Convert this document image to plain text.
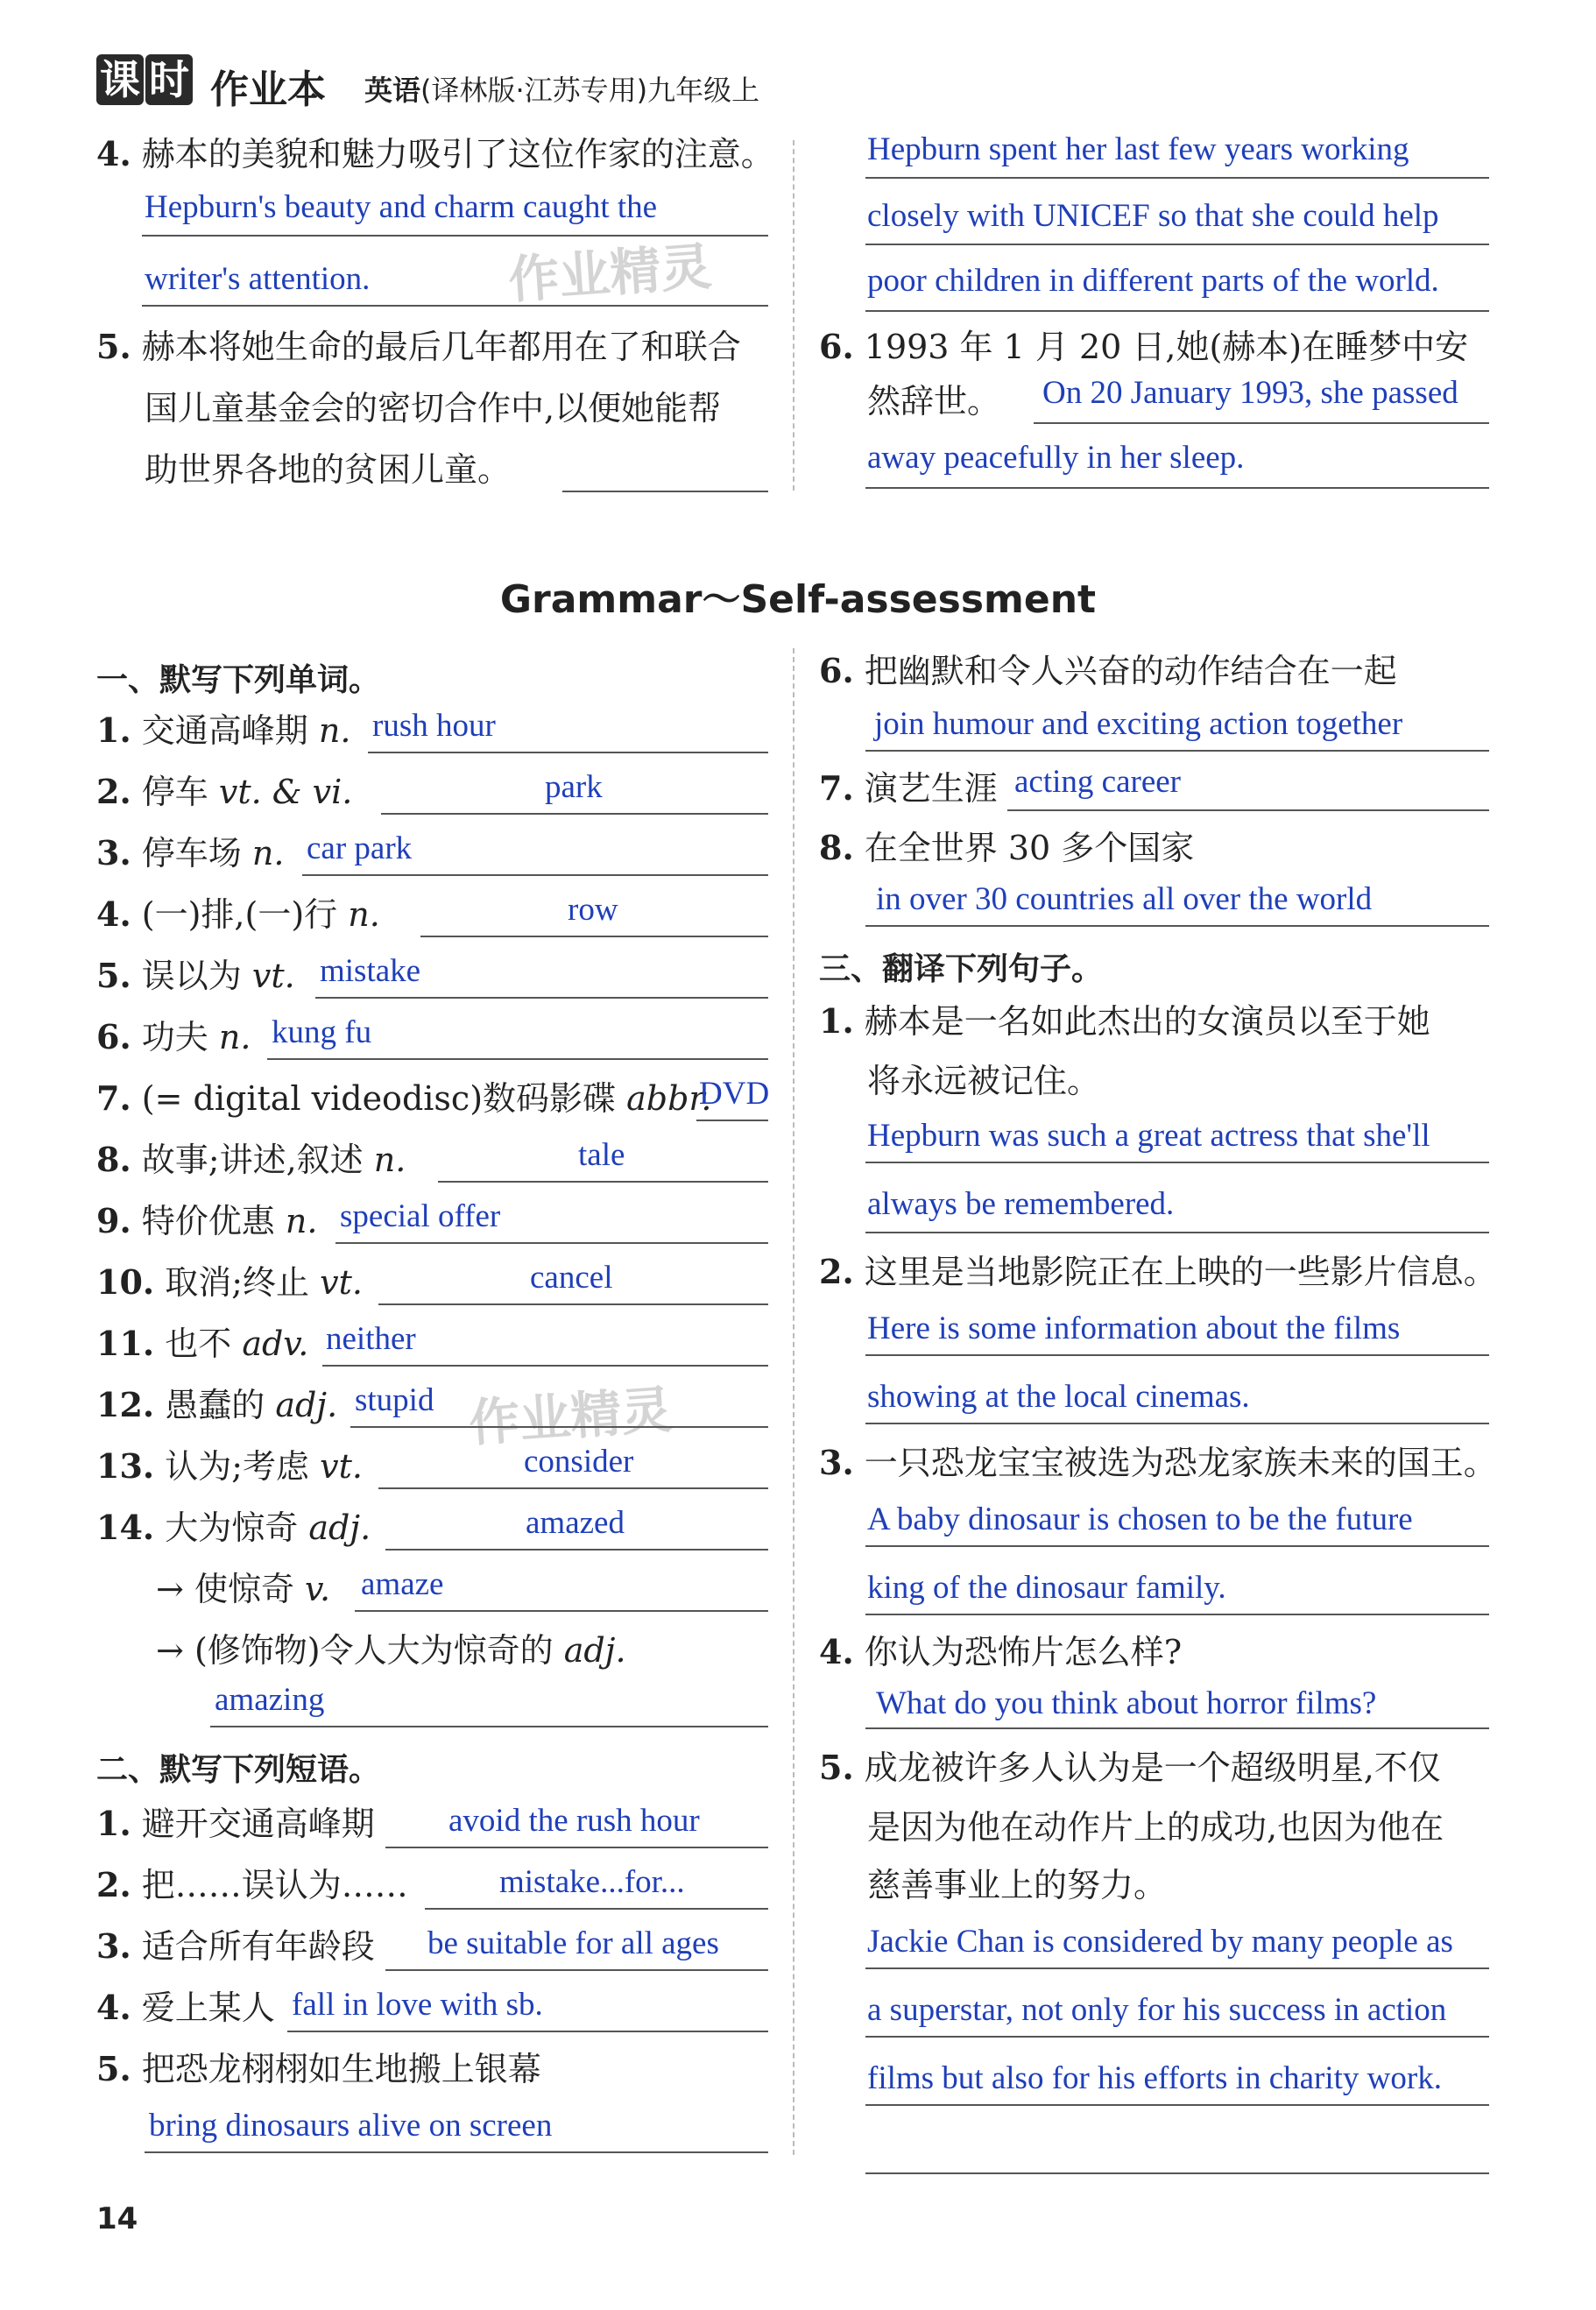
课 时 作业本 英语(译林版·江苏专用)九年级上
4. 赫本的美貌和魅力吸引了这位作家的注意。
Hepburn's beauty and charm caught the
writer's attention.
5. 赫本将她生命的最后几年都用在了和联合
国儿童基金会的密切合作中,以便她能帮
助世界各地的贫困儿童。
Hepburn spent her last few years working
closely with UNICEF so that she could help
poor children in different parts of the world.
6. 1993 年 1 月 20 日,她(赫本)在睡梦中安
然辞世。 On 20 January 1993, she passed
away peacefully in her sleep.
作业精灵
作业精灵
Grammar～Self-assessment
一、默写下列单词。
1. 交通高峰期 n. rush hour
2. 停车 vt. & vi.	park
3. 停车场 n. car park
4. (一)排,(一)行 n.	row
5. 误以为 vt. mistake
6. 功夫 n. kung fu
7. (= digital videodisc)数码影碟 abbr.
DVD
8. 故事;讲述,叙述 n.	tale
9. 特价优惠 n. special offer
10. 取消;终止 vt.	cancel
11. 也不 adv. neither
12. 愚蠢的 adj. stupid
13. 认为;考虑 vt.	consider
14. 大为惊奇 adj.	amazed
→ 使惊奇 v. amaze
→ (修饰物)令人大为惊奇的 adj.
amazing
二、默写下列短语。
1. 避开交通高峰期 avoid the rush hour
2. 把……误认为……	mistake...for...
3. 适合所有年龄段 be suitable for all ages
4. 爱上某人 fall in love with sb.
5. 把恐龙栩栩如生地搬上银幕
bring dinosaurs alive on screen
6. 把幽默和令人兴奋的动作结合在一起
join humour and exciting action together
7. 演艺生涯 acting career
8. 在全世界 30 多个国家
in over 30 countries all over the world
三、翻译下列句子。
1. 赫本是一名如此杰出的女演员以至于她
将永远被记住。
Hepburn was such a great actress that she'll
always be remembered.
2. 这里是当地影院正在上映的一些影片信息。
Here is some information about the films
showing at the local cinemas.
3. 一只恐龙宝宝被选为恐龙家族未来的国王。
A baby dinosaur is chosen to be the future
king of the dinosaur family.
4. 你认为恐怖片怎么样?
What do you think about horror films?
5. 成龙被许多人认为是一个超级明星,不仅
是因为他在动作片上的成功,也因为他在
慈善事业上的努力。
Jackie Chan is considered by many people as
a superstar, not only for his success in action
films but also for his efforts in charity work.
14
